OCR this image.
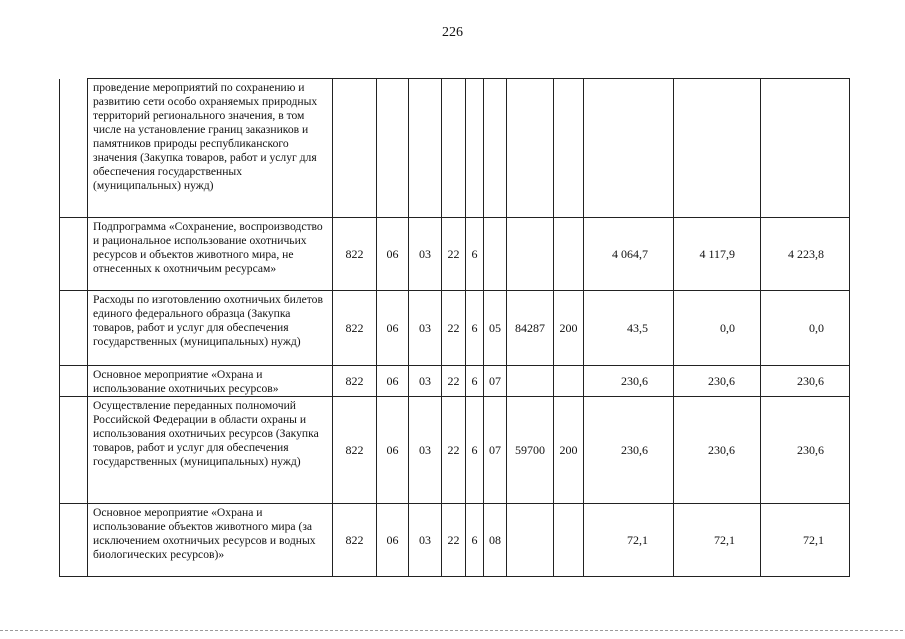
226
	проведение мероприятий по сохранению и развитию сети особо охраняемых природных территорий регионального значения, в том числе на установление границ заказников и памятников природы республиканского значения (Закупка товаров, работ и услуг для обеспечения государственных (муниципальных) нужд)											
	Подпрограмма «Сохранение, воспроизводство и рациональное использование охотничьих ресурсов и объектов животного мира, не отнесенных к охотничьим ресурсам»	822	06	03	22	6				4 064,7	4 117,9	4 223,8
	Расходы по изготовлению охотничьих билетов единого федерального образца (Закупка товаров, работ и услуг для обеспечения государственных (муниципальных) нужд)	822	06	03	22	6	05	84287	200	43,5	0,0	0,0
	Основное мероприятие «Охрана и использование охотничьих ресурсов»	822	06	03	22	6	07			230,6	230,6	230,6
	Осуществление переданных полномочий Российской Федерации в области охраны и использования охотничьих ресурсов (Закупка товаров, работ и услуг для обеспечения государственных (муниципальных) нужд)	822	06	03	22	6	07	59700	200	230,6	230,6	230,6
	Основное мероприятие «Охрана и использование объектов животного мира (за исключением охотничьих ресурсов и водных биологических ресурсов)»	822	06	03	22	6	08			72,1	72,1	72,1
